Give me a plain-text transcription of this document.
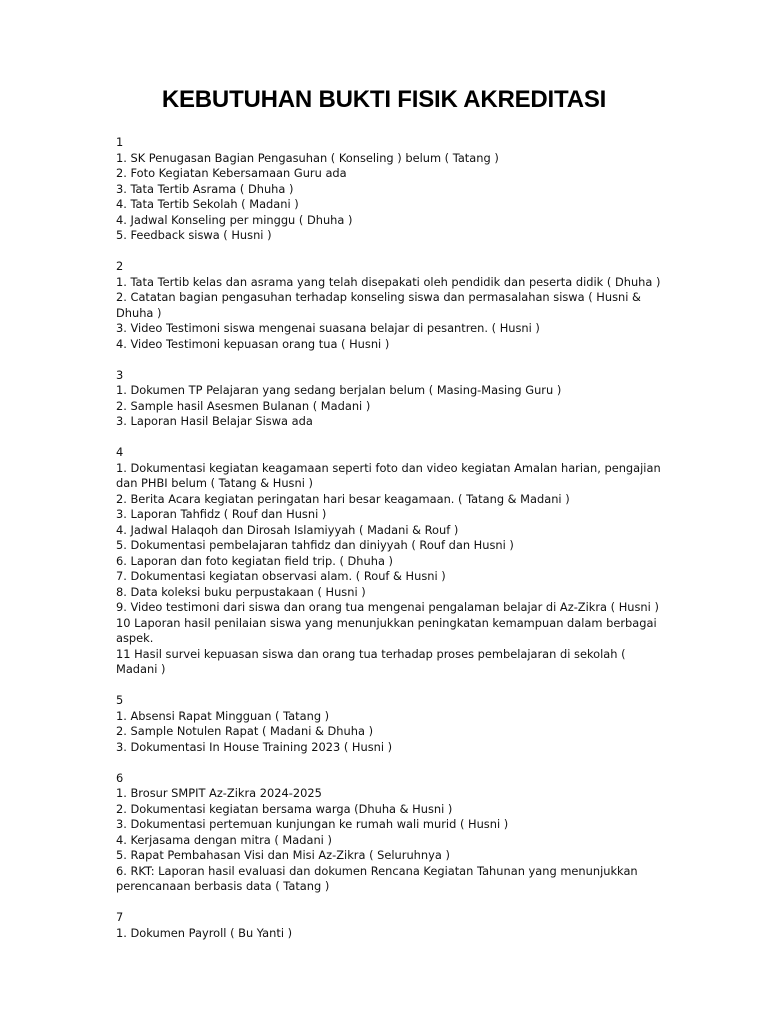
KEBUTUHAN BUKTI FISIK AKREDITASI
1
1. SK Penugasan Bagian Pengasuhan ( Konseling ) belum ( Tatang )
2. Foto Kegiatan Kebersamaan Guru ada
3. Tata Tertib Asrama ( Dhuha )
4. Tata Tertib Sekolah ( Madani )
4. Jadwal Konseling per minggu ( Dhuha )
5. Feedback siswa ( Husni )
2
1. Tata Tertib kelas dan asrama yang telah disepakati oleh pendidik dan peserta didik ( Dhuha )
2. Catatan bagian pengasuhan terhadap konseling siswa dan permasalahan siswa ( Husni & Dhuha )
3. Video Testimoni siswa mengenai suasana belajar di pesantren. ( Husni )
4. Video Testimoni kepuasan orang tua ( Husni )
3
1. Dokumen TP Pelajaran yang sedang berjalan belum ( Masing-Masing Guru )
2. Sample hasil Asesmen Bulanan ( Madani )
3. Laporan Hasil Belajar Siswa ada
4
1. Dokumentasi kegiatan keagamaan seperti foto dan video kegiatan Amalan harian, pengajian dan PHBI belum ( Tatang & Husni )
2. Berita Acara kegiatan peringatan hari besar keagamaan. ( Tatang & Madani )
3. Laporan Tahfidz ( Rouf dan Husni )
4. Jadwal Halaqoh dan Dirosah Islamiyyah ( Madani & Rouf )
5. Dokumentasi pembelajaran tahfidz dan diniyyah ( Rouf dan Husni )
6. Laporan dan foto kegiatan field trip. ( Dhuha )
7. Dokumentasi kegiatan observasi alam. ( Rouf & Husni )
8. Data koleksi buku perpustakaan ( Husni )
9. Video testimoni dari siswa dan orang tua mengenai pengalaman belajar di Az-Zikra ( Husni )
10 Laporan hasil penilaian siswa yang menunjukkan peningkatan kemampuan dalam berbagai aspek.
11 Hasil survei kepuasan siswa dan orang tua terhadap proses pembelajaran di sekolah ( Madani )
5
1. Absensi Rapat Mingguan ( Tatang )
2. Sample Notulen Rapat ( Madani & Dhuha )
3. Dokumentasi In House Training 2023 ( Husni )
6
1. Brosur SMPIT Az-Zikra 2024-2025
2. Dokumentasi kegiatan bersama warga (Dhuha & Husni )
3. Dokumentasi pertemuan kunjungan ke rumah wali murid ( Husni )
4. Kerjasama dengan mitra ( Madani )
5. Rapat Pembahasan Visi dan Misi Az-Zikra ( Seluruhnya )
6. RKT: Laporan hasil evaluasi dan dokumen Rencana Kegiatan Tahunan yang menunjukkan perencanaan berbasis data ( Tatang )
7
1. Dokumen Payroll ( Bu Yanti )
